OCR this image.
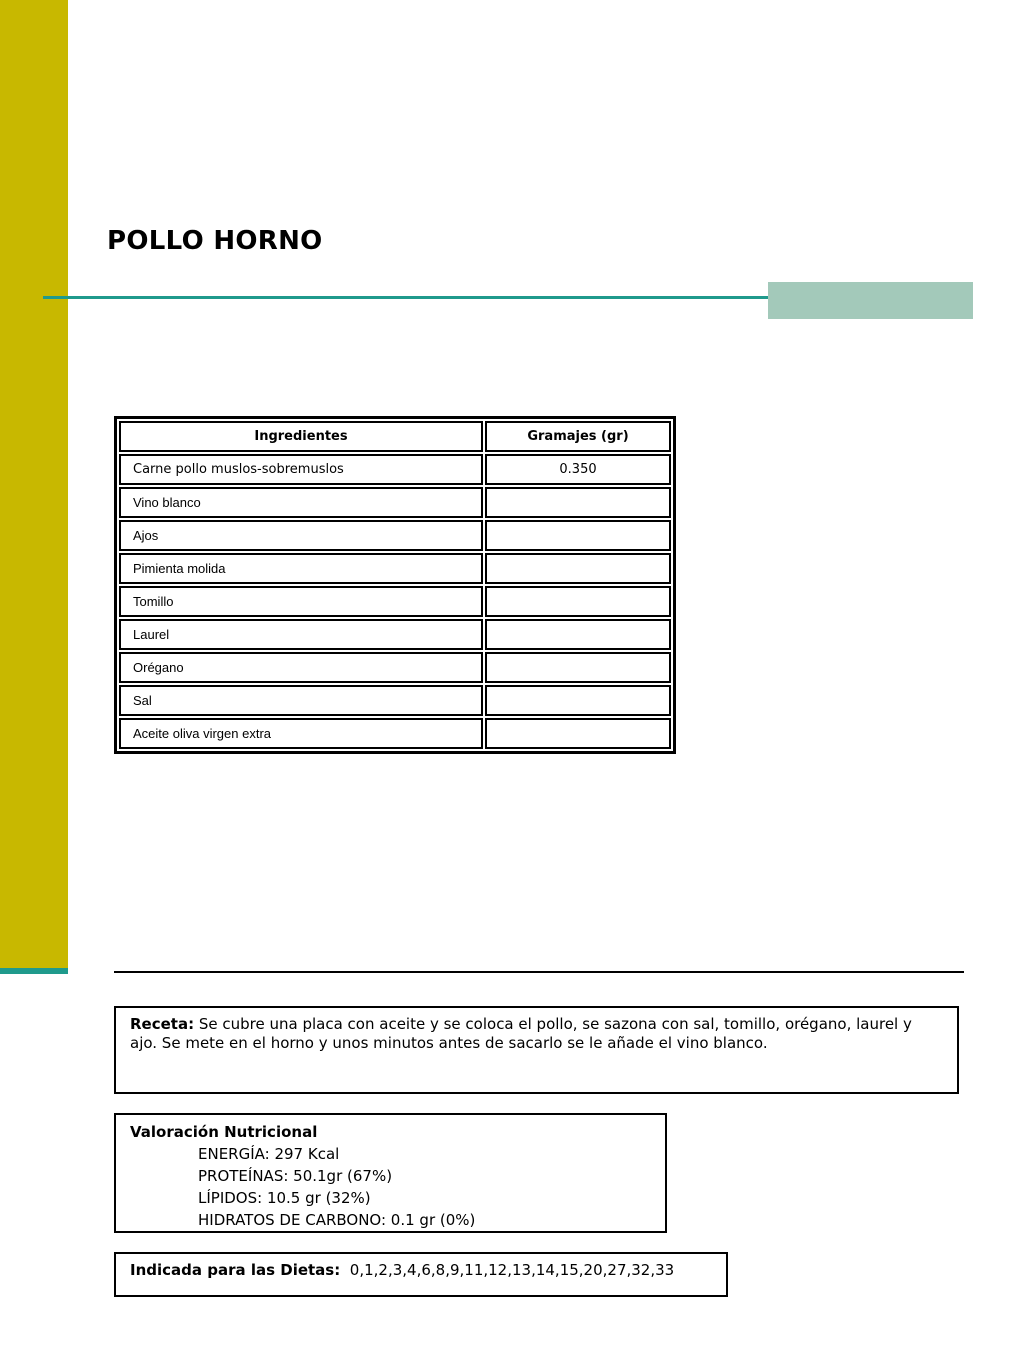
POLLO HORNO
Ingredientes	Gramajes (gr)
Carne pollo muslos-sobremuslos	0.350
Vino blanco	
Ajos	
Pimienta molida	
Tomillo	
Laurel	
Orégano	
Sal	
Aceite oliva virgen extra	
Receta: Se cubre una placa con aceite y se coloca el pollo, se sazona con sal, tomillo, orégano, laurel y ajo. Se mete en el horno y unos minutos antes de sacarlo se le añade el vino blanco.
Valoración Nutricional
ENERGÍA: 297 Kcal
PROTEÍNAS: 50.1gr (67%)
LÍPIDOS: 10.5 gr (32%)
HIDRATOS DE CARBONO: 0.1 gr (0%)
Indicada para las Dietas: 0,1,2,3,4,6,8,9,11,12,13,14,15,20,27,32,33
